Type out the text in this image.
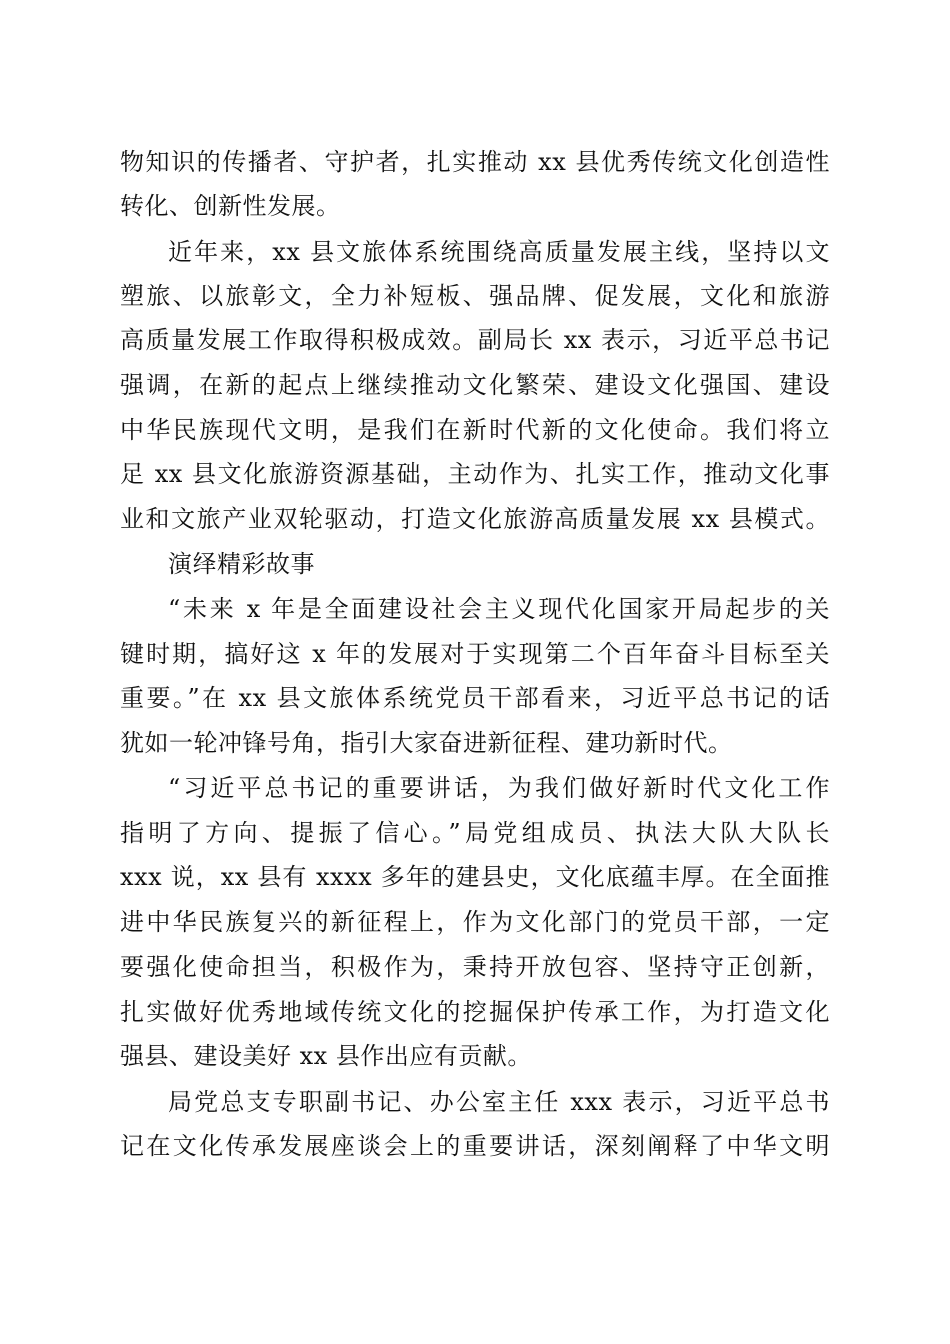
物知识的传播者、守护者，扎实推动 xx 县优秀传统文化创造性
转化、创新性发展。
近年来，xx 县文旅体系统围绕高质量发展主线，坚持以文
塑旅、以旅彰文，全力补短板、强品牌、促发展，文化和旅游
高质量发展工作取得积极成效。副局长 xx 表示，习近平总书记
强调，在新的起点上继续推动文化繁荣、建设文化强国、建设
中华民族现代文明，是我们在新时代新的文化使命。我们将立
足 xx 县文化旅游资源基础，主动作为、扎实工作，推动文化事
业和文旅产业双轮驱动，打造文化旅游高质量发展 xx 县模式。
演绎精彩故事
“未来 x 年是全面建设社会主义现代化国家开局起步的关
键时期，搞好这 x 年的发展对于实现第二个百年奋斗目标至关
重要。”在 xx 县文旅体系统党员干部看来，习近平总书记的话
犹如一轮冲锋号角，指引大家奋进新征程、建功新时代。
“习近平总书记的重要讲话，为我们做好新时代文化工作
指明了方向、提振了信心。”局党组成员、执法大队大队长
xxx 说，xx 县有 xxxx 多年的建县史，文化底蕴丰厚。在全面推
进中华民族复兴的新征程上，作为文化部门的党员干部，一定
要强化使命担当，积极作为，秉持开放包容、坚持守正创新，
扎实做好优秀地域传统文化的挖掘保护传承工作，为打造文化
强县、建设美好 xx 县作出应有贡献。
局党总支专职副书记、办公室主任 xxx 表示，习近平总书
记在文化传承发展座谈会上的重要讲话，深刻阐释了中华文明
